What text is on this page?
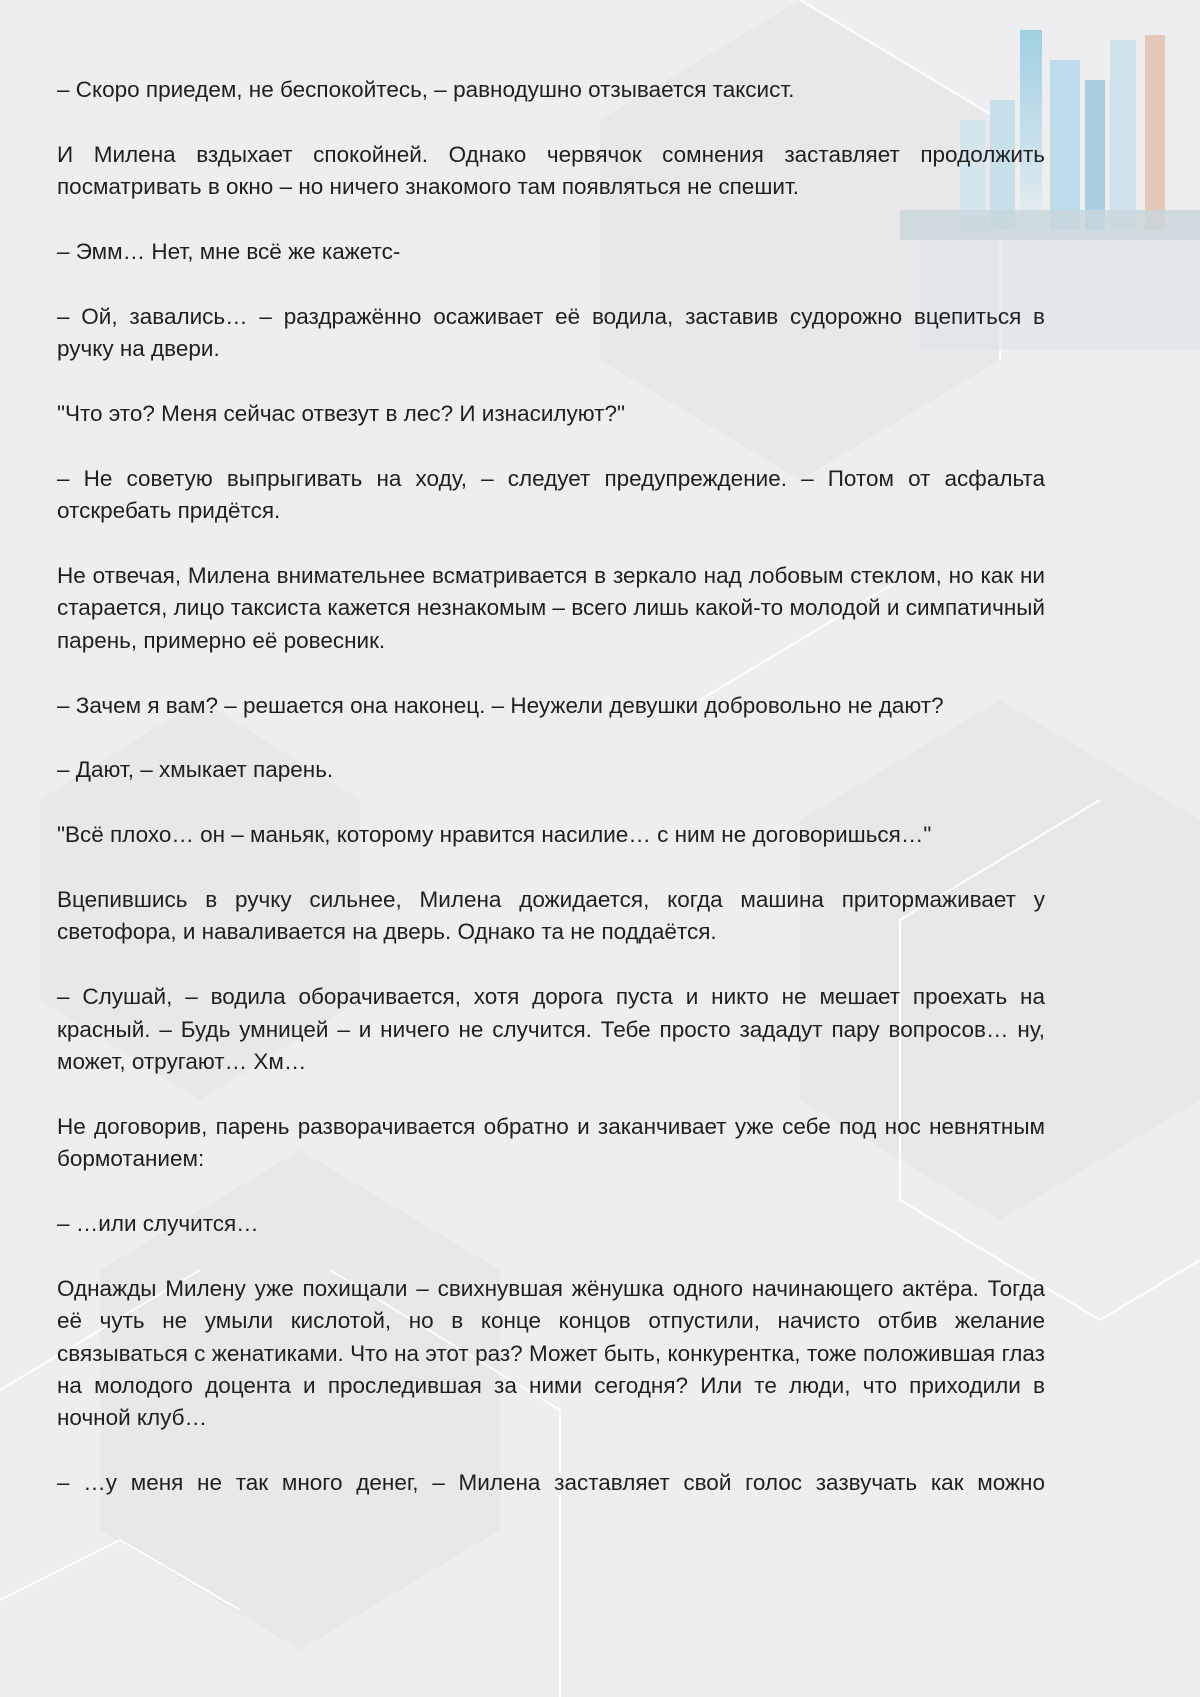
– Скоро приедем, не беспокойтесь, – равнодушно отзывается таксист.

И Милена вздыхает спокойней. Однако червячок сомнения заставляет продолжить посматривать в окно – но ничего знакомого там появляться не спешит.

– Эмм… Нет, мне всё же кажетс-

– Ой, завались… – раздражённо осаживает её водила, заставив судорожно вцепиться в ручку на двери.

"Что это? Меня сейчас отвезут в лес? И изнасилуют?"

– Не советую выпрыгивать на ходу, – следует предупреждение. – Потом от асфальта отскребать придётся.

Не отвечая, Милена внимательнее всматривается в зеркало над лобовым стеклом, но как ни старается, лицо таксиста кажется незнакомым – всего лишь какой-то молодой и симпатичный парень, примерно её ровесник.

– Зачем я вам? – решается она наконец. – Неужели девушки добровольно не дают?

– Дают, – хмыкает парень.

"Всё плохо… он – маньяк, которому нравится насилие… с ним не договоришься…"

Вцепившись в ручку сильнее, Милена дожидается, когда машина притормаживает у светофора, и наваливается на дверь. Однако та не поддаётся.

– Слушай, – водила оборачивается, хотя дорога пуста и никто не мешает проехать на красный. – Будь умницей – и ничего не случится. Тебе просто зададут пару вопросов… ну, может, отругают… Хм…

Не договорив, парень разворачивается обратно и заканчивает уже себе под нос невнятным бормотанием:

– …или случится…

Однажды Милену уже похищали – свихнувшая жёнушка одного начинающего актёра. Тогда её чуть не умыли кислотой, но в конце концов отпустили, начисто отбив желание связываться с женатиками. Что на этот раз? Может быть, конкурентка, тоже положившая глаз на молодого доцента и проследившая за ними сегодня? Или те люди, что приходили в ночной клуб…

– …у меня не так много денег, – Милена заставляет свой голос зазвучать как можно
